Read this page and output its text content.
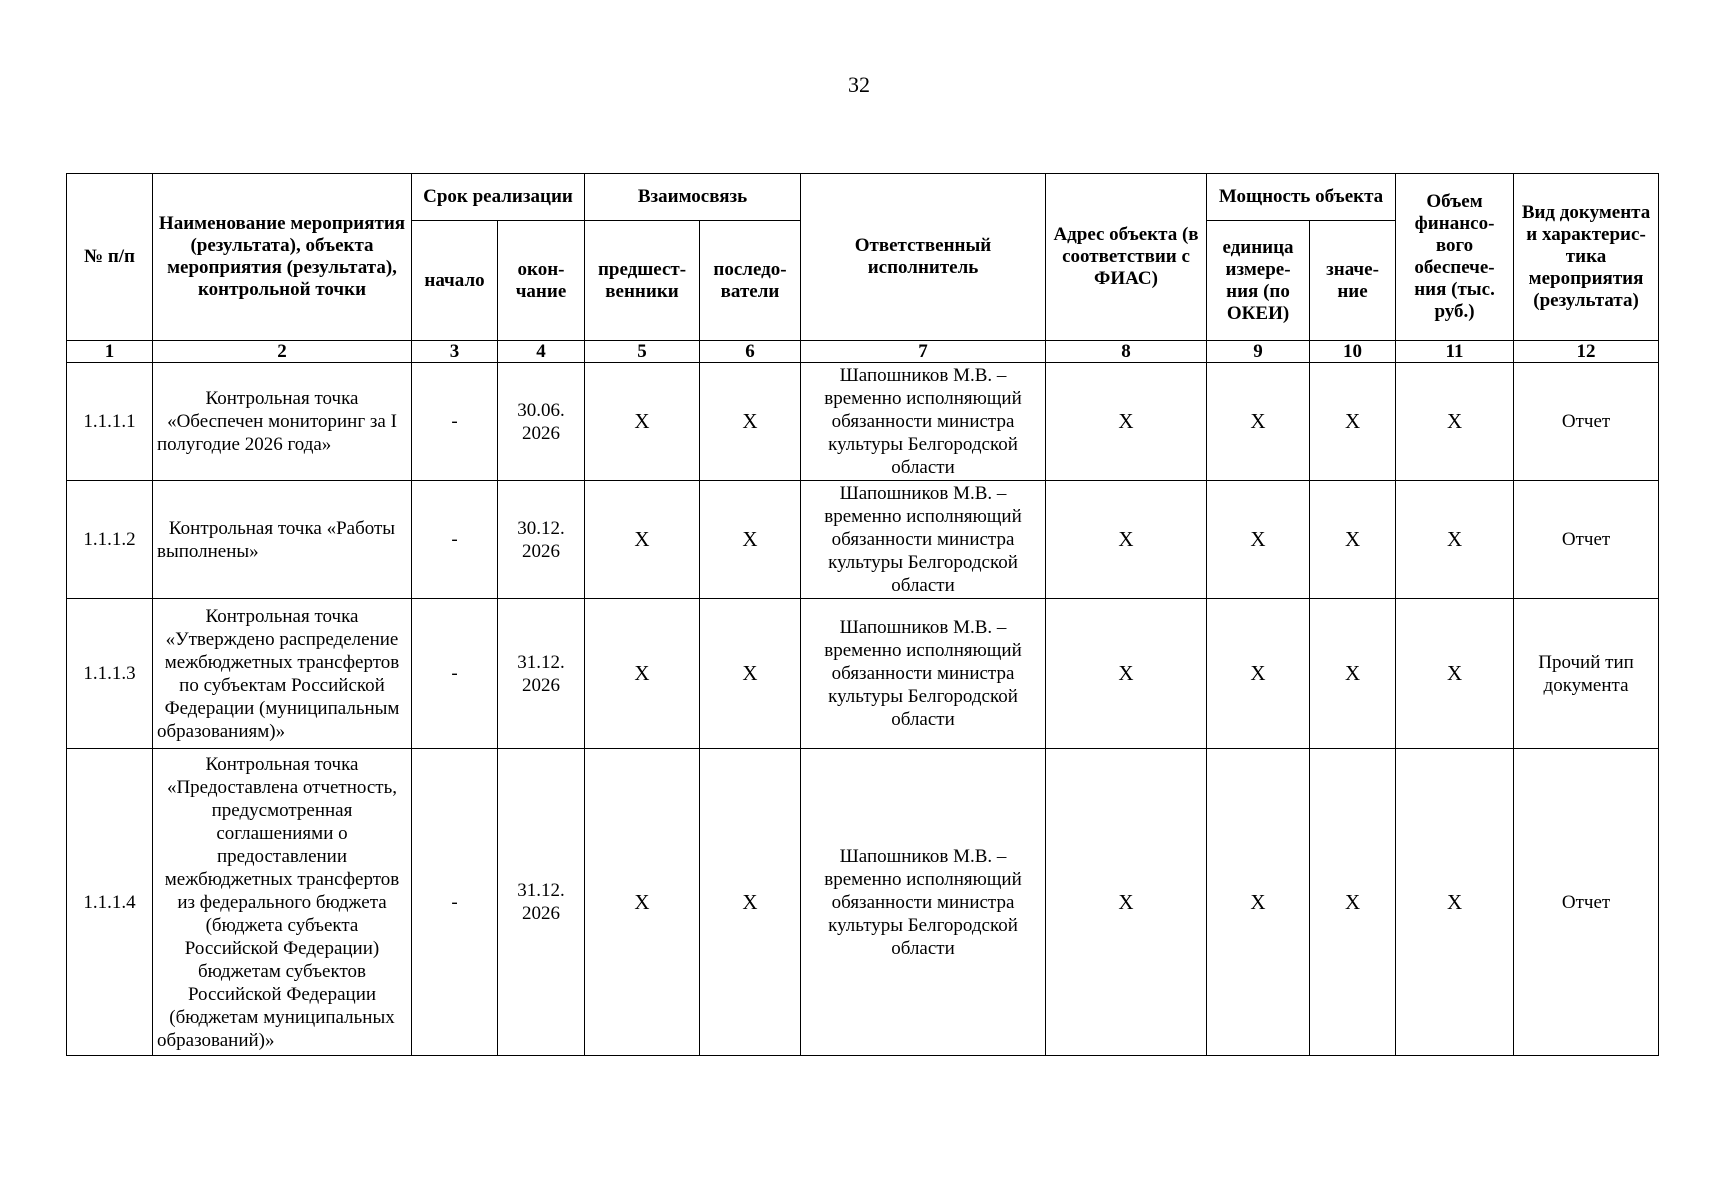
32
№ п/п	Наименование мероприятия (результата), объекта мероприятия (результата), контрольной точки	Срок реализации		Взаимосвязь		Ответственный исполнитель	Адрес объекта (в соответствии с ФИАС)	Мощность объекта		Объем финансо-вого обеспече-ния (тыс. руб.)	Вид документа и характерис-тика мероприятия (результата)
		начало	окон-чание	предшест-венники	последо-ватели			единица измере-ния (по ОКЕИ)	значе-ние		
1	2	3	4	5	6	7	8	9	10	11	12
1.1.1.1	Контрольная точка «Обеспечен мониторинг за I полугодие 2026 года»	-	30.06. 2026	X	X	Шапошников М.В. – временно исполняющий обязанности министра культуры Белгородской области	X	X	X	X	Отчет
1.1.1.2	Контрольная точка «Работы выполнены»	-	30.12. 2026	X	X	Шапошников М.В. – временно исполняющий обязанности министра культуры Белгородской области	X	X	X	X	Отчет
1.1.1.3	Контрольная точка «Утверждено распределение межбюджетных трансфертов по субъектам Российской Федерации (муниципальным образованиям)»	-	31.12. 2026	X	X	Шапошников М.В. – временно исполняющий обязанности министра культуры Белгородской области	X	X	X	X	Прочий тип документа
1.1.1.4	Контрольная точка «Предоставлена отчетность, предусмотренная соглашениями о предоставлении межбюджетных трансфертов из федерального бюджета (бюджета субъекта Российской Федерации) бюджетам субъектов Российской Федерации (бюджетам муниципальных образований)»	-	31.12. 2026	X	X	Шапошников М.В. – временно исполняющий обязанности министра культуры Белгородской области	X	X	X	X	Отчет
